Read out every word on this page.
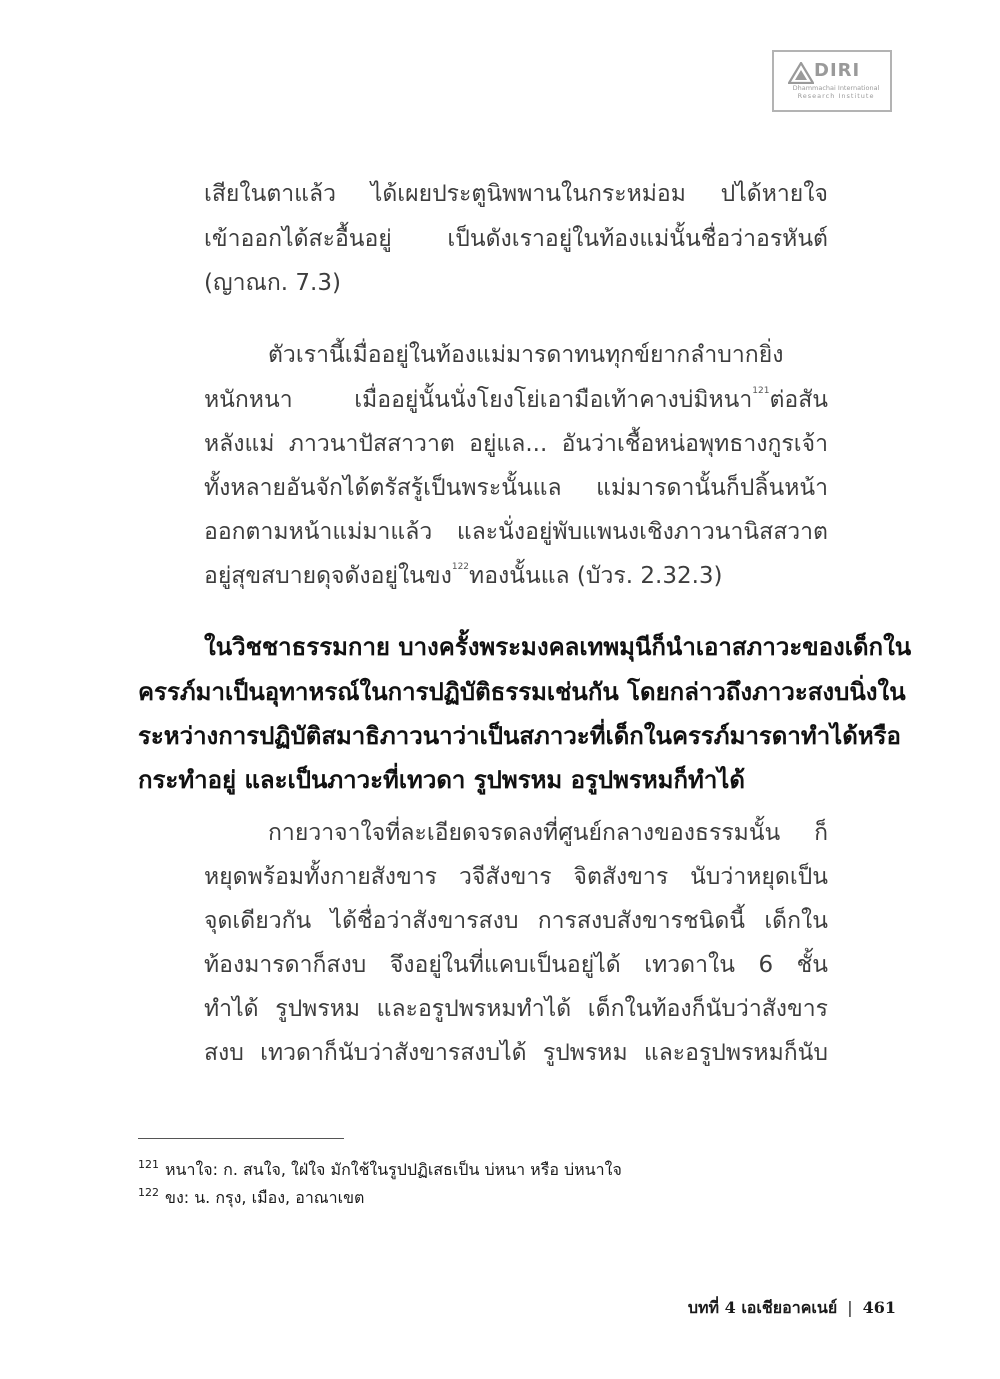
DIRI
Dhammachai International
Research Institute
เสียในตาแล้ว ได้เผยประตูนิพพานในกระหม่อม ปได้หายใจ
เข้าออกได้สะอื้นอยู่ เป็นดังเราอยู่ในท้องแม่นั้นชื่อว่าอรหันต์
(ญาณก. 7.3)
ตัวเรานี้เมื่ออยู่ในท้องแม่มารดาทนทุกข์ยากลำบากยิ่ง
หนักหนา เมื่ออยู่นั้นนั่งโยงโย่เอามือเท้าคางบ่มิหนา$^{121}$ต่อสัน
หลังแม่ ภาวนาปัสสาวาต อยู่แล... อันว่าเชื้อหน่อพุทธางกูรเจ้า
ทั้งหลายอันจักได้ตรัสรู้เป็นพระนั้นแล แม่มารดานั้นก็ปลิ้นหน้า
ออกตามหน้าแม่มาแล้ว และนั่งอยู่พับแพนงเชิงภาวนานิสสวาต
อยู่สุขสบายดุจดังอยู่ในขง$^{122}$ทองนั้นแล (บัวร. 2.32.3)
ในวิชชาธรรมกาย บางครั้งพระมงคลเทพมุนีก็นำเอาสภาวะของเด็กใน
ครรภ์มาเป็นอุทาหรณ์ในการปฏิบัติธรรมเช่นกัน โดยกล่าวถึงภาวะสงบนิ่งใน
ระหว่างการปฏิบัติสมาธิภาวนาว่าเป็นสภาวะที่เด็กในครรภ์มารดาทำได้หรือ
กระทำอยู่ และเป็นภาวะที่เทวดา รูปพรหม อรูปพรหมก็ทำได้
กายวาจาใจที่ละเอียดจรดลงที่ศูนย์กลางของธรรมนั้น ก็
หยุดพร้อมทั้งกายสังขาร วจีสังขาร จิตสังขาร นับว่าหยุดเป็น
จุดเดียวกัน ได้ชื่อว่าสังขารสงบ การสงบสังขารชนิดนี้ เด็กใน
ท้องมารดาก็สงบ จึงอยู่ในที่แคบเป็นอยู่ได้ เทวดาใน 6 ชั้น
ทำได้ รูปพรหม และอรูปพรหมทำได้ เด็กในท้องก็นับว่าสังขาร
สงบ เทวดาก็นับว่าสังขารสงบได้ รูปพรหม และอรูปพรหมก็นับ
$^{121}$ หนาใจ: ก. สนใจ, ใฝ่ใจ มักใช้ในรูปปฏิเสธเป็น บ่หนา หรือ บ่หนาใจ
$^{122}$ ขง: น. กรุง, เมือง, อาณาเขต
บทที่ 4 เอเชียอาคเนย์ | 461
